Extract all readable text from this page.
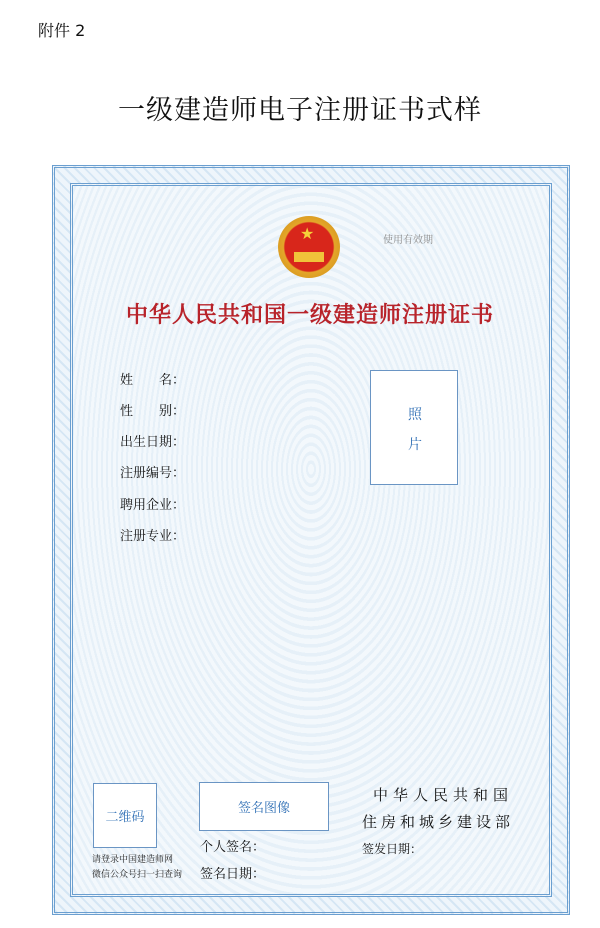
附件 2
一级建造师电子注册证书式样
★	使用有效期
中华人民共和国一级建造师注册证书
姓　　名：
性　　别：
出生日期：
注册编号：
聘用企业：
注册专业：
照
片
二维码
请登录中国建造师网
微信公众号扫一扫查询
签名图像
个人签名：
签名日期：
中华人民共和国
住房和城乡建设部
签发日期：
